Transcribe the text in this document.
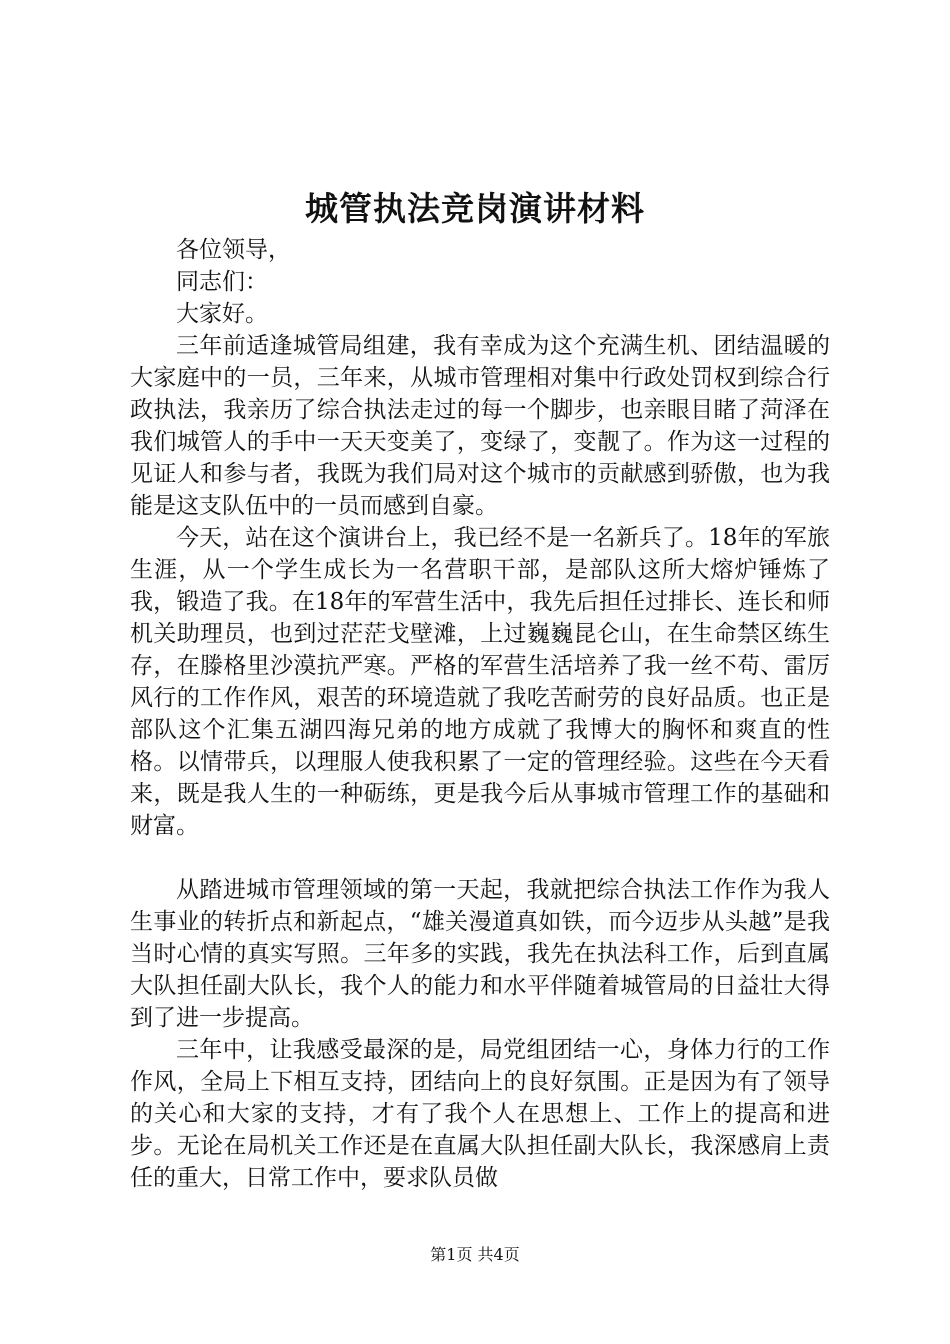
城管执法竞岗演讲材料

各位领导，

同志们：

大家好。

三年前适逢城管局组建，我有幸成为这个充满生机、团结温暖的大家庭中的一员，三年来，从城市管理相对集中行政处罚权到综合行政执法，我亲历了综合执法走过的每一个脚步，也亲眼目睹了菏泽在我们城管人的手中一天天变美了，变绿了，变靓了。作为这一过程的见证人和参与者，我既为我们局对这个城市的贡献感到骄傲，也为我能是这支队伍中的一员而感到自豪。

今天，站在这个演讲台上，我已经不是一名新兵了。18年的军旅生涯，从一个学生成长为一名营职干部，是部队这所大熔炉锤炼了我，锻造了我。在18年的军营生活中，我先后担任过排长、连长和师机关助理员，也到过茫茫戈壁滩，上过巍巍昆仑山，在生命禁区练生存，在滕格里沙漠抗严寒。严格的军营生活培养了我一丝不苟、雷厉风行的工作作风，艰苦的环境造就了我吃苦耐劳的良好品质。也正是部队这个汇集五湖四海兄弟的地方成就了我博大的胸怀和爽直的性格。以情带兵，以理服人使我积累了一定的管理经验。这些在今天看来，既是我人生的一种砺练，更是我今后从事城市管理工作的基础和财富。

从踏进城市管理领域的第一天起，我就把综合执法工作作为我人生事业的转折点和新起点，“雄关漫道真如铁，而今迈步从头越”是我当时心情的真实写照。三年多的实践，我先在执法科工作，后到直属大队担任副大队长，我个人的能力和水平伴随着城管局的日益壮大得到了进一步提高。

三年中，让我感受最深的是，局党组团结一心，身体力行的工作作风，全局上下相互支持，团结向上的良好氛围。正是因为有了领导的关心和大家的支持，才有了我个人在思想上、工作上的提高和进步。无论在局机关工作还是在直属大队担任副大队长，我深感肩上责任的重大，日常工作中，要求队员做

第1页 共4页
